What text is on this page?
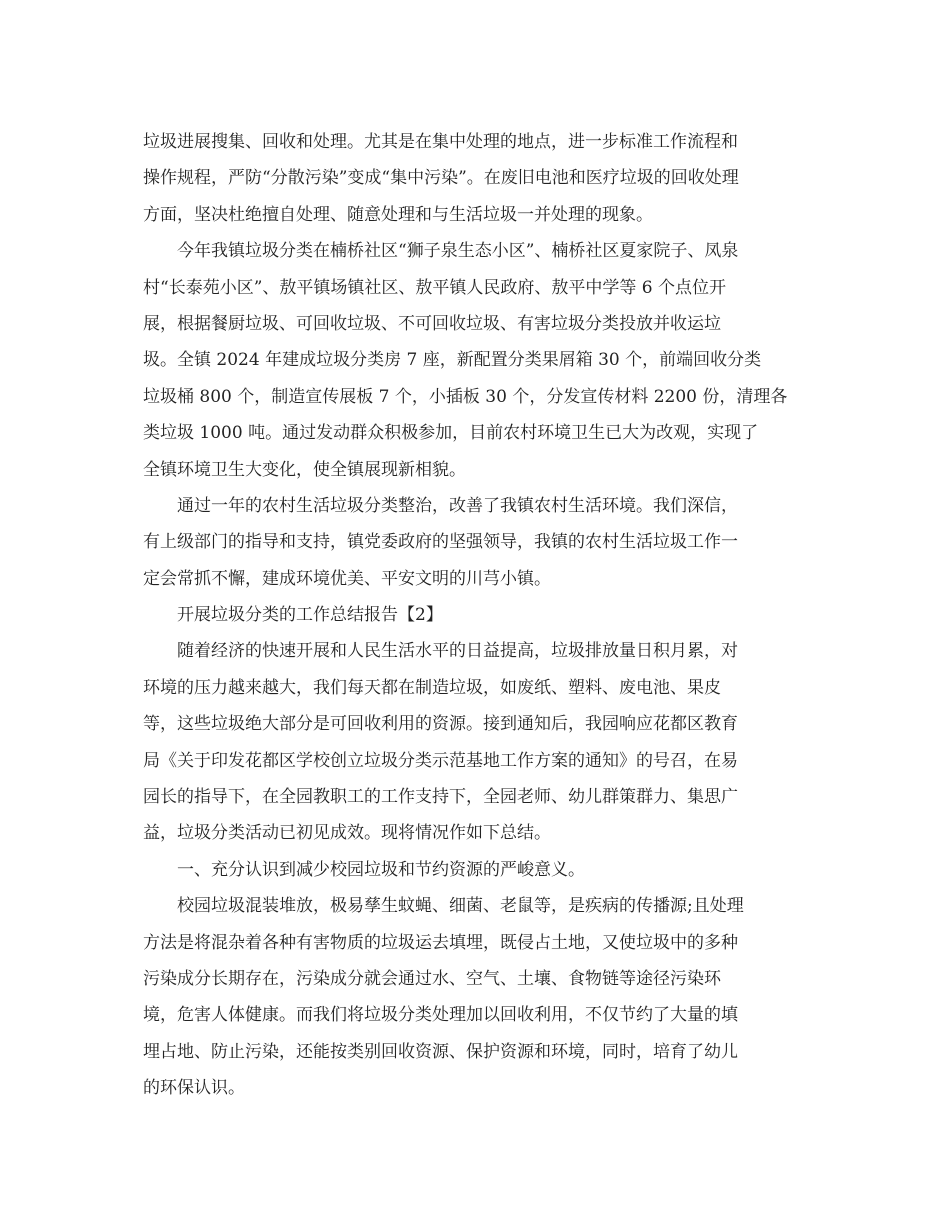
垃圾进展搜集、回收和处理。尤其是在集中处理的地点，进一步标准工作流程和
操作规程，严防“分散污染”变成“集中污染”。在废旧电池和医疗垃圾的回收处理
方面，坚决杜绝擅自处理、随意处理和与生活垃圾一并处理的现象。
今年我镇垃圾分类在楠桥社区“狮子泉生态小区”、楠桥社区夏家院子、凤泉
村“长泰苑小区”、敖平镇场镇社区、敖平镇人民政府、敖平中学等 6 个点位开
展，根据餐厨垃圾、可回收垃圾、不可回收垃圾、有害垃圾分类投放并收运垃
圾。全镇 2024 年建成垃圾分类房 7 座，新配置分类果屑箱 30 个，前端回收分类
垃圾桶 800 个，制造宣传展板 7 个，小插板 30 个，分发宣传材料 2200 份，清理各
类垃圾 1000 吨。通过发动群众积极参加，目前农村环境卫生已大为改观，实现了
全镇环境卫生大变化，使全镇展现新相貌。
通过一年的农村生活垃圾分类整治，改善了我镇农村生活环境。我们深信，
有上级部门的指导和支持，镇党委政府的坚强领导，我镇的农村生活垃圾工作一
定会常抓不懈，建成环境优美、平安文明的川芎小镇。
开展垃圾分类的工作总结报告【2】
随着经济的快速开展和人民生活水平的日益提高，垃圾排放量日积月累，对
环境的压力越来越大，我们每天都在制造垃圾，如废纸、塑料、废电池、果皮
等，这些垃圾绝大部分是可回收利用的资源。接到通知后，我园响应花都区教育
局《关于印发花都区学校创立垃圾分类示范基地工作方案的通知》的号召，在易
园长的指导下，在全园教职工的工作支持下，全园老师、幼儿群策群力、集思广
益，垃圾分类活动已初见成效。现将情况作如下总结。
一、充分认识到减少校园垃圾和节约资源的严峻意义。
校园垃圾混装堆放，极易孳生蚊蝇、细菌、老鼠等，是疾病的传播源;且处理
方法是将混杂着各种有害物质的垃圾运去填埋，既侵占土地，又使垃圾中的多种
污染成分长期存在，污染成分就会通过水、空气、土壤、食物链等途径污染环
境，危害人体健康。而我们将垃圾分类处理加以回收利用，不仅节约了大量的填
埋占地、防止污染，还能按类别回收资源、保护资源和环境，同时，培育了幼儿
的环保认识。
